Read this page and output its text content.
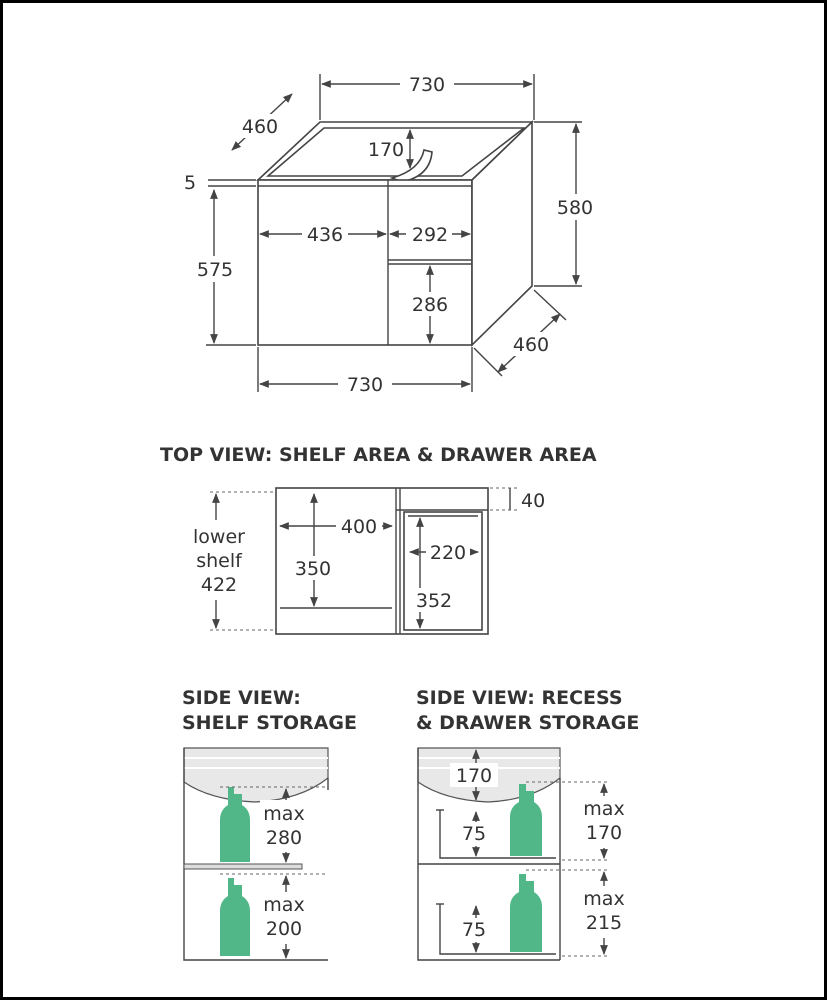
730
460
170
5
575
436	292
580
286
460
730
TOP VIEW: SHELF AREA & DRAWER AREA
40
lower
shelf
422
400
350
220
352
SIDE VIEW:
SHELF STORAGE
max
280
max
200
SIDE VIEW: RECESS
& DRAWER STORAGE
170
75
75
max
170
max
215
